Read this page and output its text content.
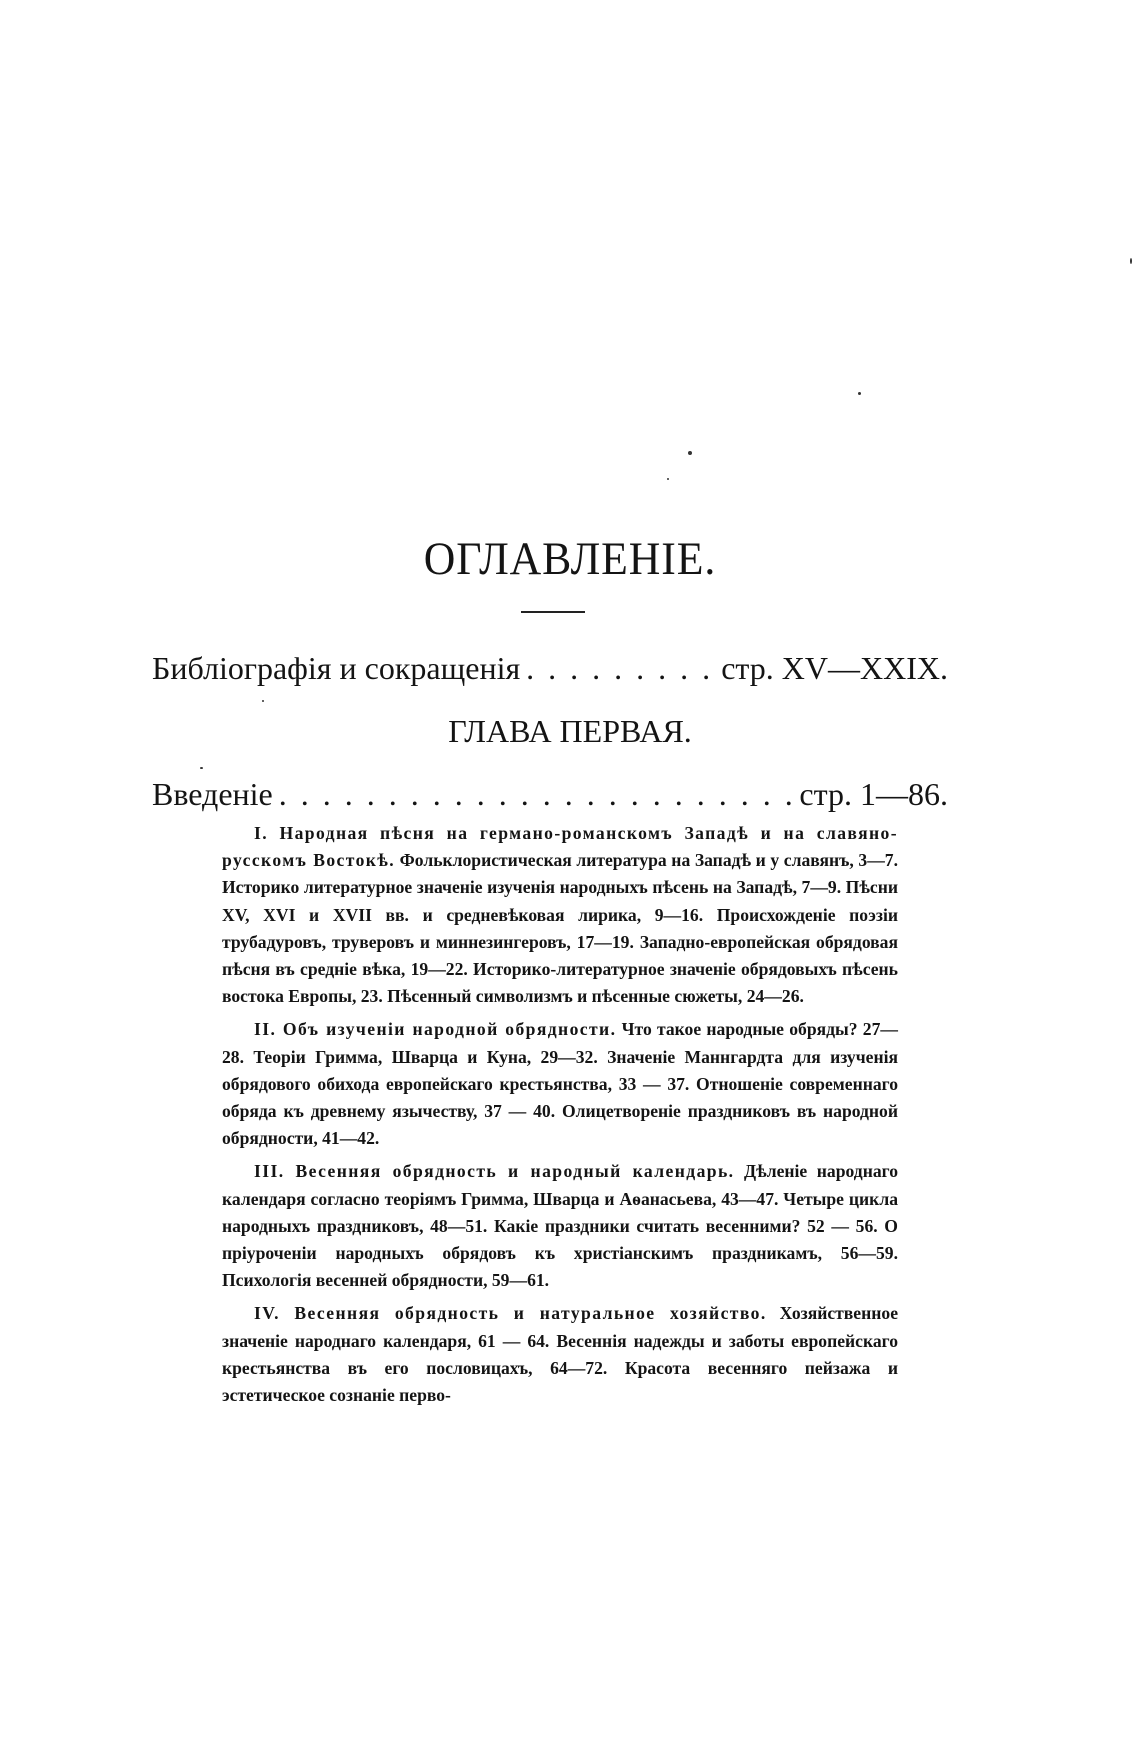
ОГЛАВЛЕНIЕ.
Библiографiя и сокращенiя . . .	стр. XV—XXIX.
ГЛАВА ПЕРВАЯ.
Введенiе . . .	стр. 1—86.

I. Народная пѣсня на германо-романскомъ Западѣ и на славяно-русскомъ Востокѣ. Фольклористическая литература на Западѣ и у славянъ, 3—7. Историко литературное значенiе изученiя народныхъ пѣсень на Западѣ, 7—9. Пѣсни XV, XVI и XVII вв. и средневѣковая лирика, 9—16. Происхожденiе поэзiи трубадуровъ, труверовъ и миннезингеровъ, 17—19. Западно-европейская обрядовая пѣсня въ среднiе вѣка, 19—22. Историко-литературное значенiе обрядовыхъ пѣсень востока Европы, 23. Пѣсенный символизмъ и пѣсенные сюжеты, 24—26.

II. Объ изученiи народной обрядности. Что такое народные обряды? 27—28. Теорiи Гримма, Шварца и Куна, 29—32. Значенiе Маннгардта для изученiя обрядового обихода европейскаго крестьянства, 33 — 37. Отношенiе современнаго обряда къ древнему язычеству, 37 — 40. Олицетворенiе праздниковъ въ народной обрядности, 41—42.

III. Весенняя обрядность и народный календарь. Дѣленiе народнаго календаря согласно теорiямъ Гримма, Шварца и Аѳанасьева, 43—47. Четыре цикла народныхъ праздниковъ, 48—51. Какiе праздники считать весенними? 52 — 56. О прiуроченiи народныхъ обрядовъ къ христiанскимъ праздникамъ, 56—59. Психологiя весенней обрядности, 59—61.

IV. Весенняя обрядность и натуральное хозяйство. Хозяйственное значенiе народнаго календаря, 61 — 64. Весеннiя надежды и заботы европейскаго крестьянства въ его пословицахъ, 64—72. Красота весенняго пейзажа и эстетическое сознанiе перво-
